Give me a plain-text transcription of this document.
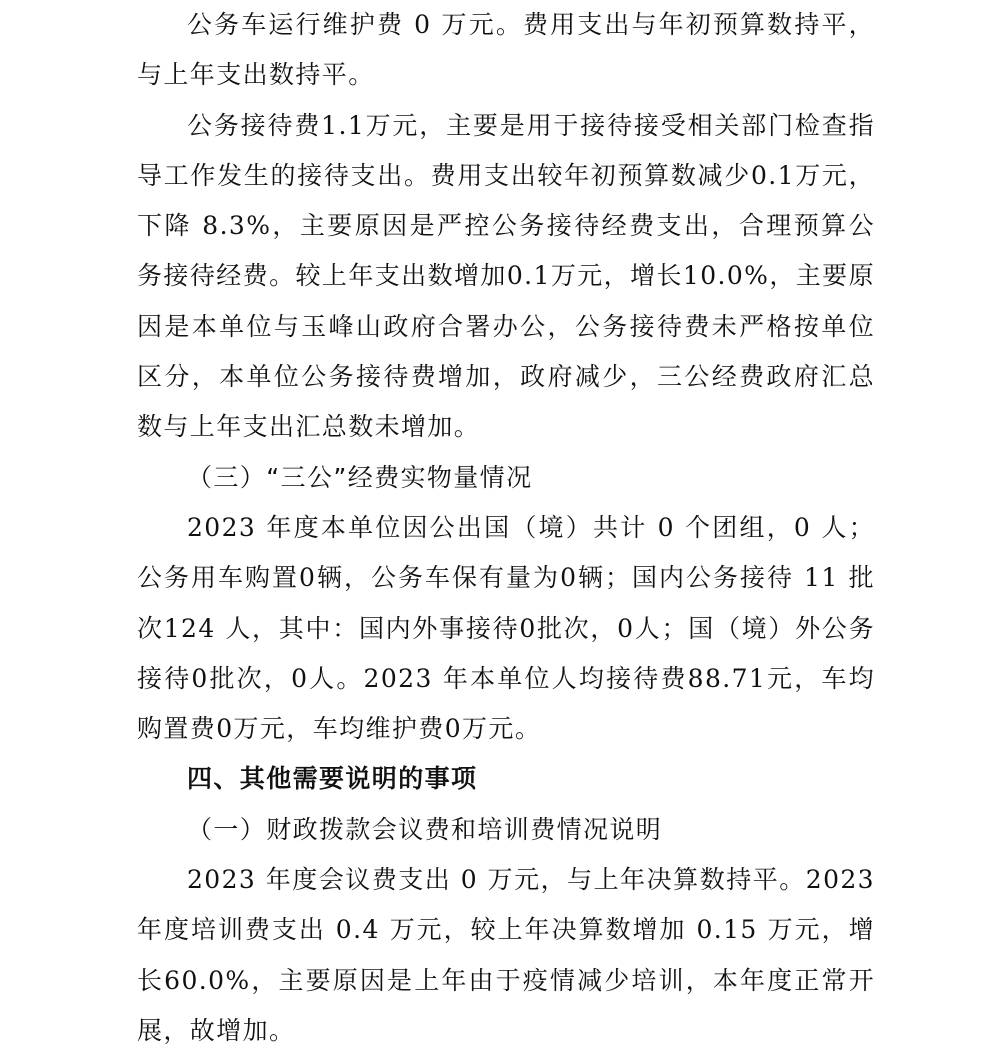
公务车运行维护费 0 万元。费用支出与年初预算数持平，与上年支出数持平。

公务接待费1.1万元，主要是用于接待接受相关部门检查指导工作发生的接待支出。费用支出较年初预算数减少0.1万元，下降 8.3%，主要原因是严控公务接待经费支出，合理预算公务接待经费。较上年支出数增加0.1万元，增长10.0%，主要原因是本单位与玉峰山政府合署办公，公务接待费未严格按单位区分，本单位公务接待费增加，政府减少，三公经费政府汇总数与上年支出汇总数未增加。

（三）“三公”经费实物量情况

2023 年度本单位因公出国（境）共计 0 个团组，0 人；公务用车购置0辆，公务车保有量为0辆；国内公务接待 11 批次124 人，其中：国内外事接待0批次，0人；国（境）外公务接待0批次，0人。2023 年本单位人均接待费88.71元，车均购置费0万元，车均维护费0万元。

四、其他需要说明的事项

（一）财政拨款会议费和培训费情况说明

2023 年度会议费支出 0 万元，与上年决算数持平。2023 年度培训费支出 0.4 万元，较上年决算数增加 0.15 万元，增长60.0%，主要原因是上年由于疫情减少培训，本年度正常开展，故增加。
